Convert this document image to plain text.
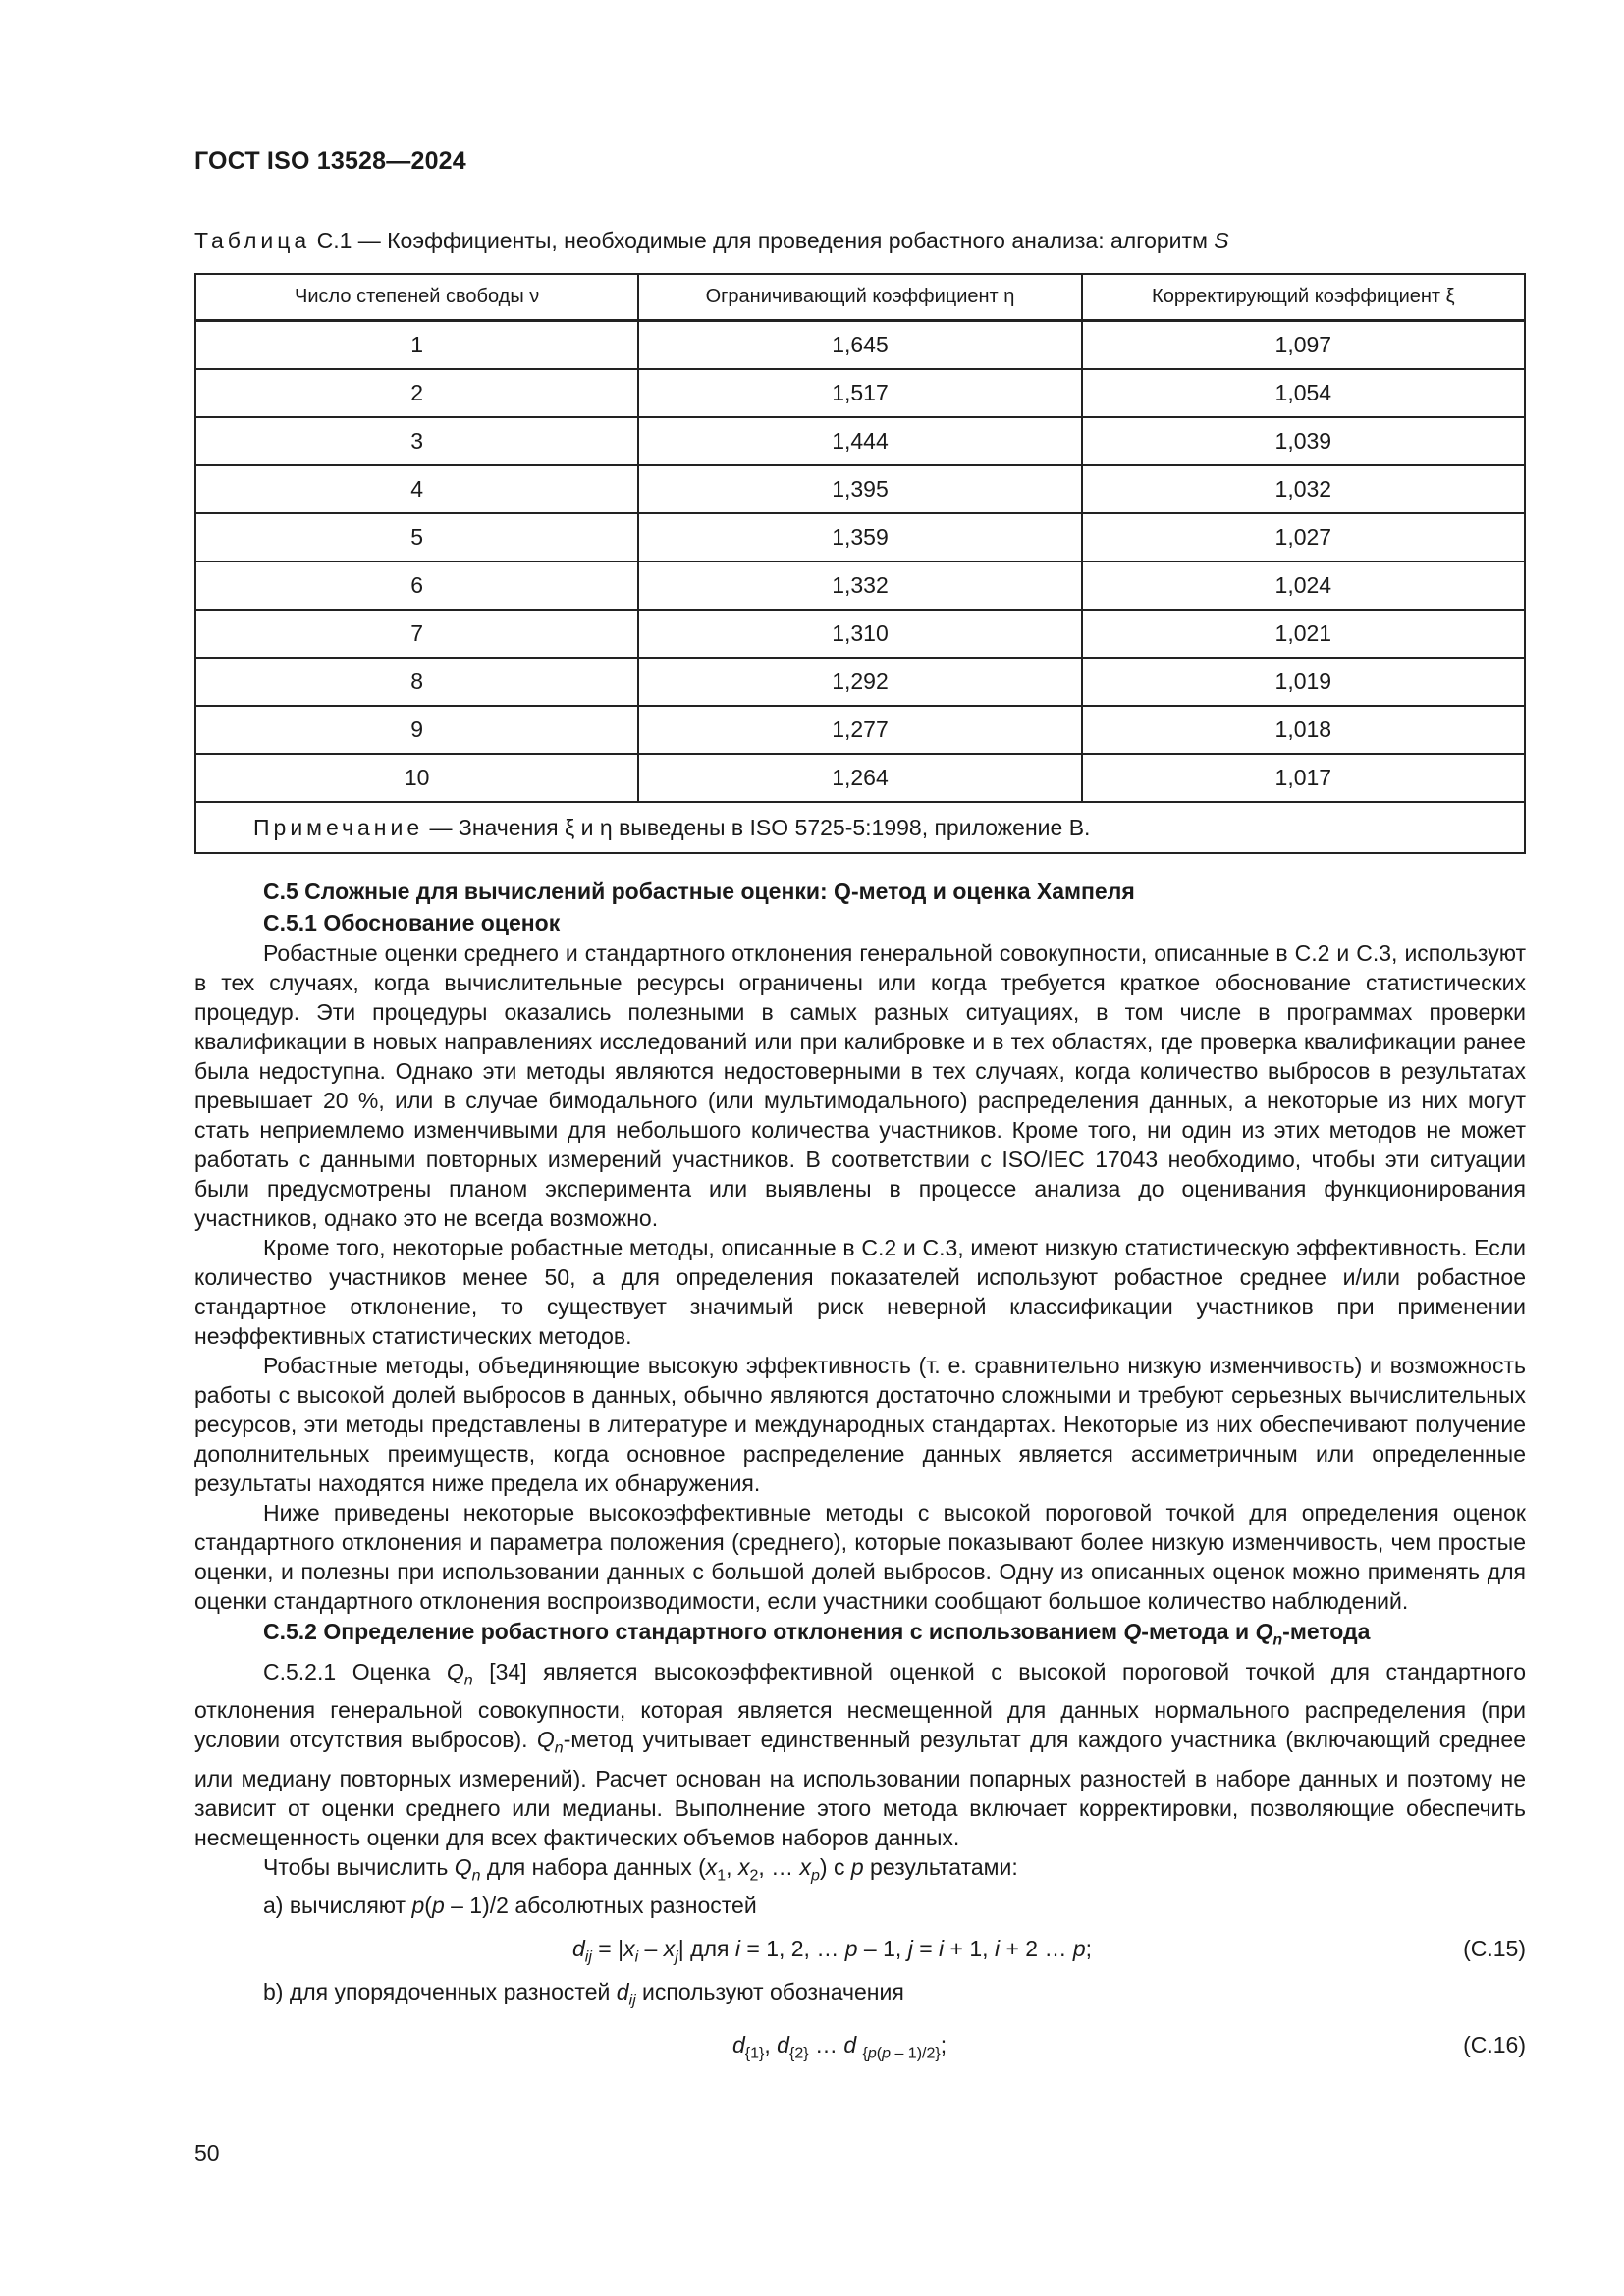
ГОСТ ISO 13528—2024
Таблица С.1 — Коэффициенты, необходимые для проведения робастного анализа: алгоритм S
Число степеней свободы ν	Ограничивающий коэффициент η	Корректирующий коэффициент ξ
1	1,645	1,097
2	1,517	1,054
3	1,444	1,039
4	1,395	1,032
5	1,359	1,027
6	1,332	1,024
7	1,310	1,021
8	1,292	1,019
9	1,277	1,018
10	1,264	1,017
Примечание — Значения ξ и η выведены в ISO 5725-5:1998, приложение B.		
С.5 Сложные для вычислений робастные оценки: Q-метод и оценка Хампеля
С.5.1 Обоснование оценок

Робастные оценки среднего и стандартного отклонения генеральной совокупности, описанные в С.2 и С.3, используют в тех случаях, когда вычислительные ресурсы ограничены или когда требуется краткое обоснование статистических процедур. Эти процедуры оказались полезными в самых разных ситуациях, в том числе в программах проверки квалификации в новых направлениях исследований или при калибровке и в тех областях, где проверка квалификации ранее была недоступна. Однако эти методы являются недостоверными в тех случаях, когда количество выбросов в результатах превышает 20 %, или в случае бимодального (или мультимодального) распределения данных, а некоторые из них могут стать неприемлемо изменчивыми для небольшого количества участников. Кроме того, ни один из этих методов не может работать с данными повторных измерений участников. В соответствии с ISO/IEC 17043 необходимо, чтобы эти ситуации были предусмотрены планом эксперимента или выявлены в процессе анализа до оценивания функционирования участников, однако это не всегда возможно.

Кроме того, некоторые робастные методы, описанные в С.2 и С.3, имеют низкую статистическую эффективность. Если количество участников менее 50, а для определения показателей используют робастное среднее и/или робастное стандартное отклонение, то существует значимый риск неверной классификации участников при применении неэффективных статистических методов.

Робастные методы, объединяющие высокую эффективность (т. е. сравнительно низкую изменчивость) и возможность работы с высокой долей выбросов в данных, обычно являются достаточно сложными и требуют серьезных вычислительных ресурсов, эти методы представлены в литературе и международных стандартах. Некоторые из них обеспечивают получение дополнительных преимуществ, когда основное распределение данных является ассиметричным или определенные результаты находятся ниже предела их обнаружения.

Ниже приведены некоторые высокоэффективные методы с высокой пороговой точкой для определения оценок стандартного отклонения и параметра положения (среднего), которые показывают более низкую изменчивость, чем простые оценки, и полезны при использовании данных с большой долей выбросов. Одну из описанных оценок можно применять для оценки стандартного отклонения воспроизводимости, если участники сообщают большое количество наблюдений.

С.5.2 Определение робастного стандартного отклонения с использованием Q-метода и $Q_n$-метода

С.5.2.1 Оценка $Q_n$ [34] является высокоэффективной оценкой с высокой пороговой точкой для стандартного отклонения генеральной совокупности, которая является несмещенной для данных нормального распределения (при условии отсутствия выбросов). $Q_n$-метод учитывает единственный результат для каждого участника (включающий среднее или медиану повторных измерений). Расчет основан на использовании попарных разностей в наборе данных и поэтому не зависит от оценки среднего или медианы. Выполнение этого метода включает корректировки, позволяющие обеспечить несмещенность оценки для всех фактических объемов наборов данных.

Чтобы вычислить $Q_n$ для набора данных ($x_1$, $x_2$, … $x_p$) с p результатами:
a) вычисляют p(p – 1)/2 абсолютных разностей
$d_{ij} = |x_i - x_j|$ для i = 1, 2, … p – 1, j = i + 1, i + 2 … p;	(С.15)
b) для упорядоченных разностей $d_{ij}$ используют обозначения
$d_{\{1\}}$, $d_{\{2\}}$ … d $_{\{p(p - 1)/2\}}$;	(С.16)
50
